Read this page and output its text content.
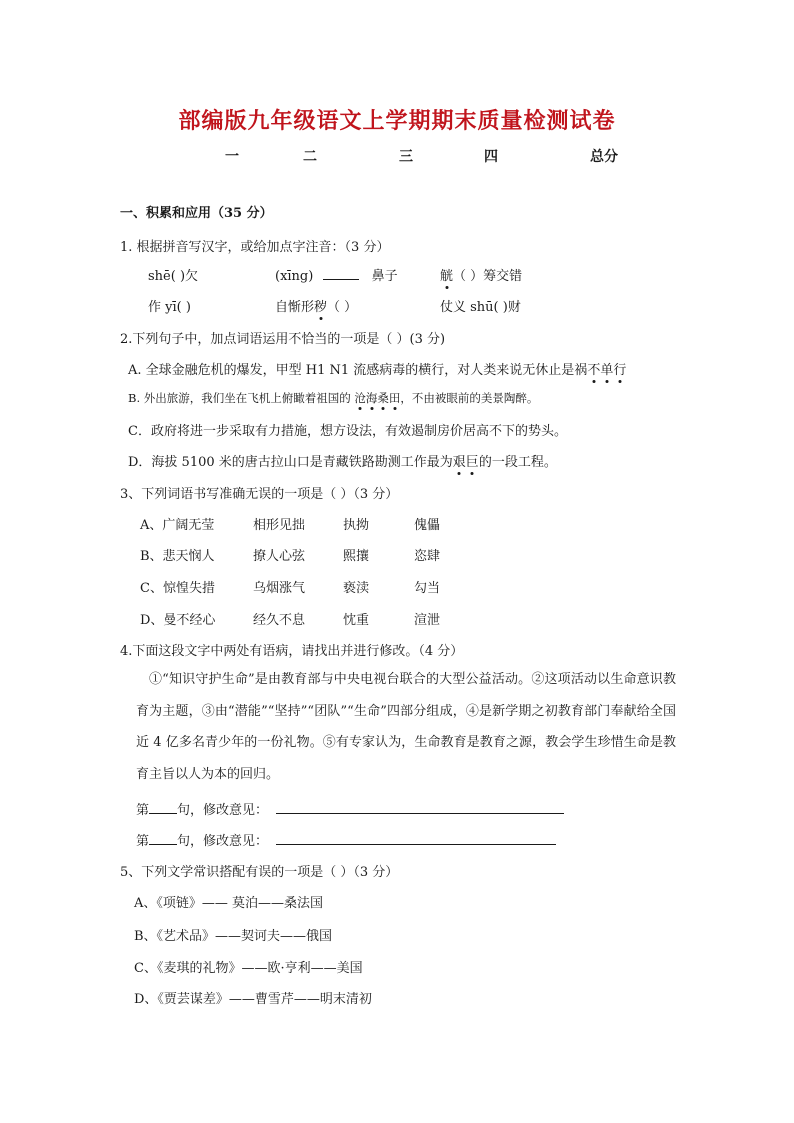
部编版九年级语文上学期期末质量检测试卷
一	二	三	四	总分
一、积累和应用（35 分）
1. 根据拼音写汉字，或给加点字注音：（3 分）
shē( )欠	(xīng)	鼻子	觥（ ）筹交错
作 yī( )	自惭形秽（ ）	仗义 shū( )财
2.下列句子中，加点词语运用不恰当的一项是（ ）(3 分)
A. 全球金融危机的爆发，甲型 H1 N1 流感病毒的横行，对人类来说无休止是祸不单行
B. 外出旅游，我们坐在飞机上俯瞰着祖国的 沧海桑田，不由被眼前的美景陶醉。
C．政府将进一步采取有力措施，想方设法，有效遏制房价居高不下的势头。
D．海拔 5100 米的唐古拉山口是青藏铁路勘测工作最为艰巨的一段工程。
3、下列词语书写准确无误的一项是（ ）（3 分）
A、广阔无莹	相形见拙	执拗	傀儡
B、悲天悯人	撩人心弦	熙攘	恣肆
C、惊惶失措	乌烟涨气	亵渎	勾当
D、曼不经心	经久不息	忱重	渲泄
4.下面这段文字中两处有语病，请找出并进行修改。（4 分）
①“知识守护生命”是由教育部与中央电视台联合的大型公益活动。②这项活动以生命意识教育为主题，③由“潜能”“坚持”“团队”“生命”四部分组成，④是新学期之初教育部门奉献给全国近 4 亿多名青少年的一份礼物。⑤有专家认为，生命教育是教育之源，教会学生珍惜生命是教育主旨以人为本的回归。
第 句，修改意见：
第 句，修改意见：
5、下列文学常识搭配有误的一项是（ ）（3 分）
A、《项链》—— 莫泊——桑法国
B、《艺术品》——契诃夫——俄国
C、《麦琪的礼物》——欧·亨利——美国
D、《贾芸谋差》——曹雪芹——明末清初
